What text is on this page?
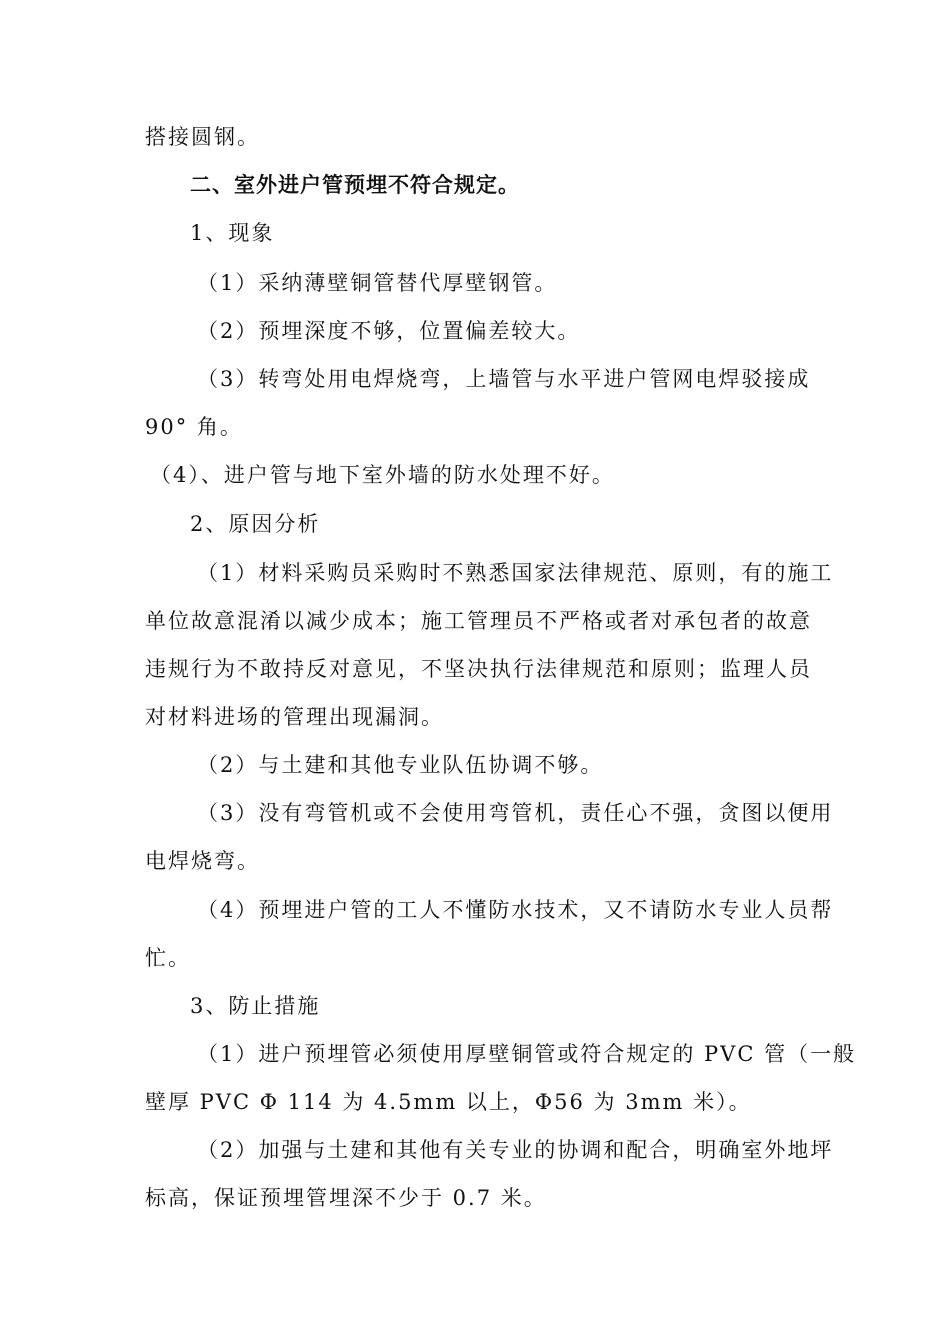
搭接圆钢。
二、室外进户管预埋不符合规定。
1、现象
（1）采纳薄壁铜管替代厚壁钢管。
（2）预埋深度不够，位置偏差较大。
（3）转弯处用电焊烧弯，上墙管与水平进户管网电焊驳接成
90° 角。
（4）、进户管与地下室外墙的防水处理不好。
2、原因分析
（1）材料采购员采购时不熟悉国家法律规范、原则，有的施工
单位故意混淆以减少成本；施工管理员不严格或者对承包者的故意
违规行为不敢持反对意见，不坚决执行法律规范和原则；监理人员
对材料进场的管理出现漏洞。
（2）与土建和其他专业队伍协调不够。
（3）没有弯管机或不会使用弯管机，责任心不强，贪图以便用
电焊烧弯。
（4）预埋进户管的工人不懂防水技术，又不请防水专业人员帮
忙。
3、防止措施
（1）进户预埋管必须使用厚壁铜管或符合规定的 PVC 管（一般
壁厚 PVC Φ 114 为 4.5mm 以上，Φ56 为 3mm 米）。
（2）加强与土建和其他有关专业的协调和配合，明确室外地坪
标高，保证预埋管埋深不少于 0.7 米。
